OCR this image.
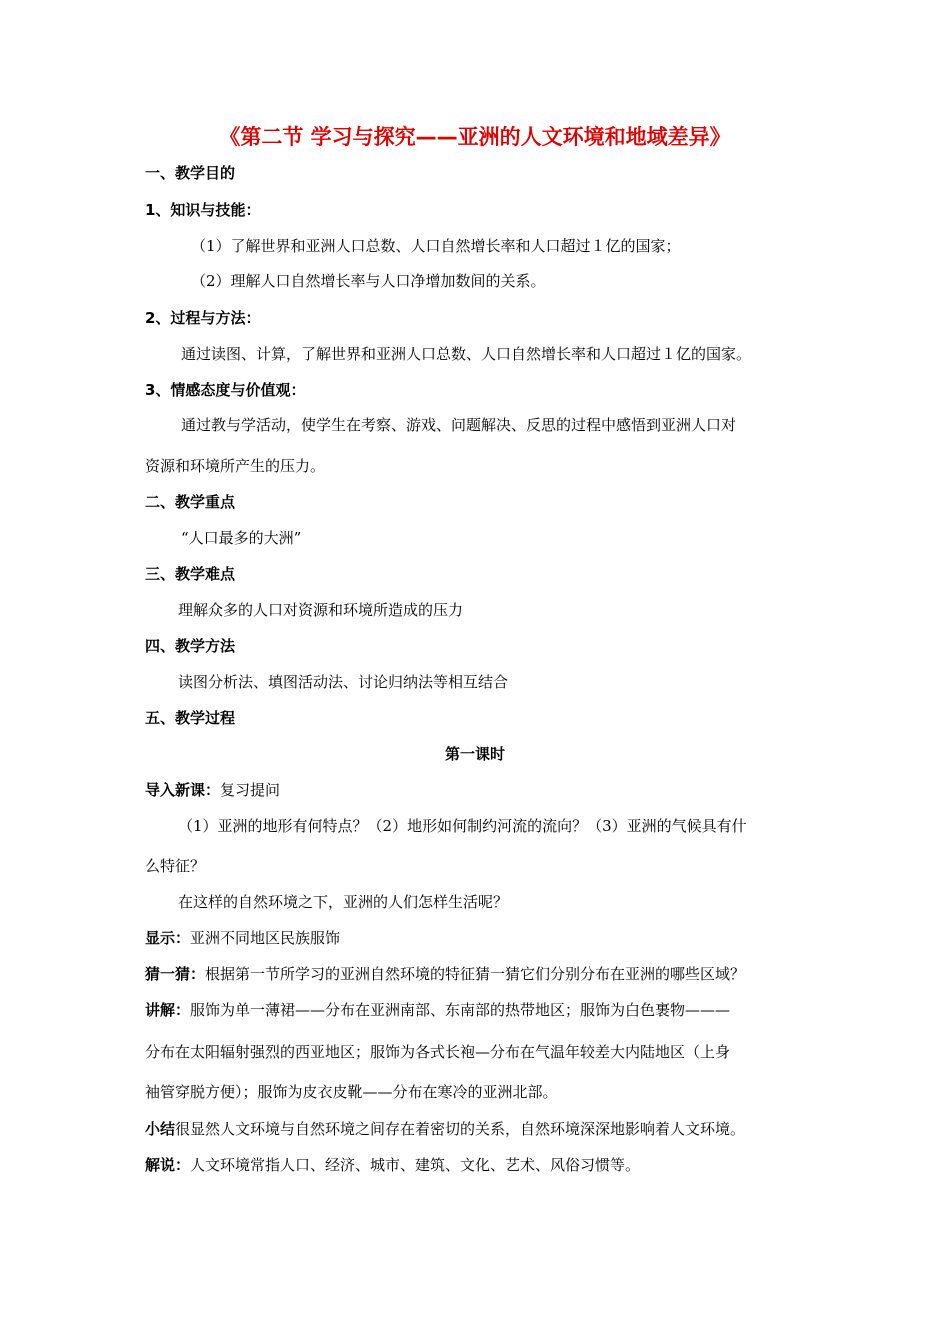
《第二节 学习与探究——亚洲的人文环境和地域差异》
一、教学目的
1、知识与技能：
（1）了解世界和亚洲人口总数、人口自然增长率和人口超过１亿的国家；
（2）理解人口自然增长率与人口净增加数间的关系。
2、过程与方法：
通过读图、计算，了解世界和亚洲人口总数、人口自然增长率和人口超过１亿的国家。
3、情感态度与价值观：
通过教与学活动，使学生在考察、游戏、问题解决、反思的过程中感悟到亚洲人口对
资源和环境所产生的压力。
二、教学重点
“人口最多的大洲”
三、教学难点
理解众多的人口对资源和环境所造成的压力
四、教学方法
读图分析法、填图活动法、讨论归纳法等相互结合
五、教学过程
第一课时
导入新课：复习提问
（1）亚洲的地形有何特点？（2）地形如何制约河流的流向？（3）亚洲的气候具有什
么特征？
在这样的自然环境之下，亚洲的人们怎样生活呢？
显示：亚洲不同地区民族服饰
猜一猜：根据第一节所学习的亚洲自然环境的特征猜一猜它们分别分布在亚洲的哪些区域？
讲解：服饰为单一薄裙——分布在亚洲南部、东南部的热带地区；服饰为白色裹物———
分布在太阳辐射强烈的西亚地区；服饰为各式长袍—分布在气温年较差大内陆地区（上身
袖管穿脱方便）；服饰为皮衣皮靴——分布在寒冷的亚洲北部。
小结很显然人文环境与自然环境之间存在着密切的关系，自然环境深深地影响着人文环境。
解说：人文环境常指人口、经济、城市、建筑、文化、艺术、风俗习惯等。
